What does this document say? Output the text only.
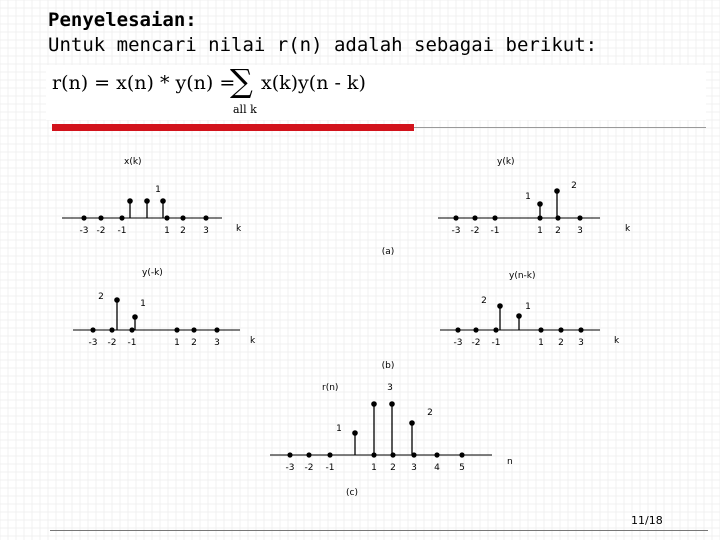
Penyelesaian:
Untuk mencari nilai r(n) adalah sebagai berikut:
r(n) = x(n) * y(n) =
∑ x(k)y(n - k)
all k
-3 -2 -1	1 2 3
1
x(k)
k	-3 -2 -1	1 2 3
1
2
y(k)
k
(a)
-3 -2 -1	1 2 3
2
1
y(-k)
k	-3 -2 -1	1 2 3
2
1
y(n-k)
k
(b)
-3 -2 -1	1 2 3 4 5
3
2
1
r(n)
n
(c)
11/18
